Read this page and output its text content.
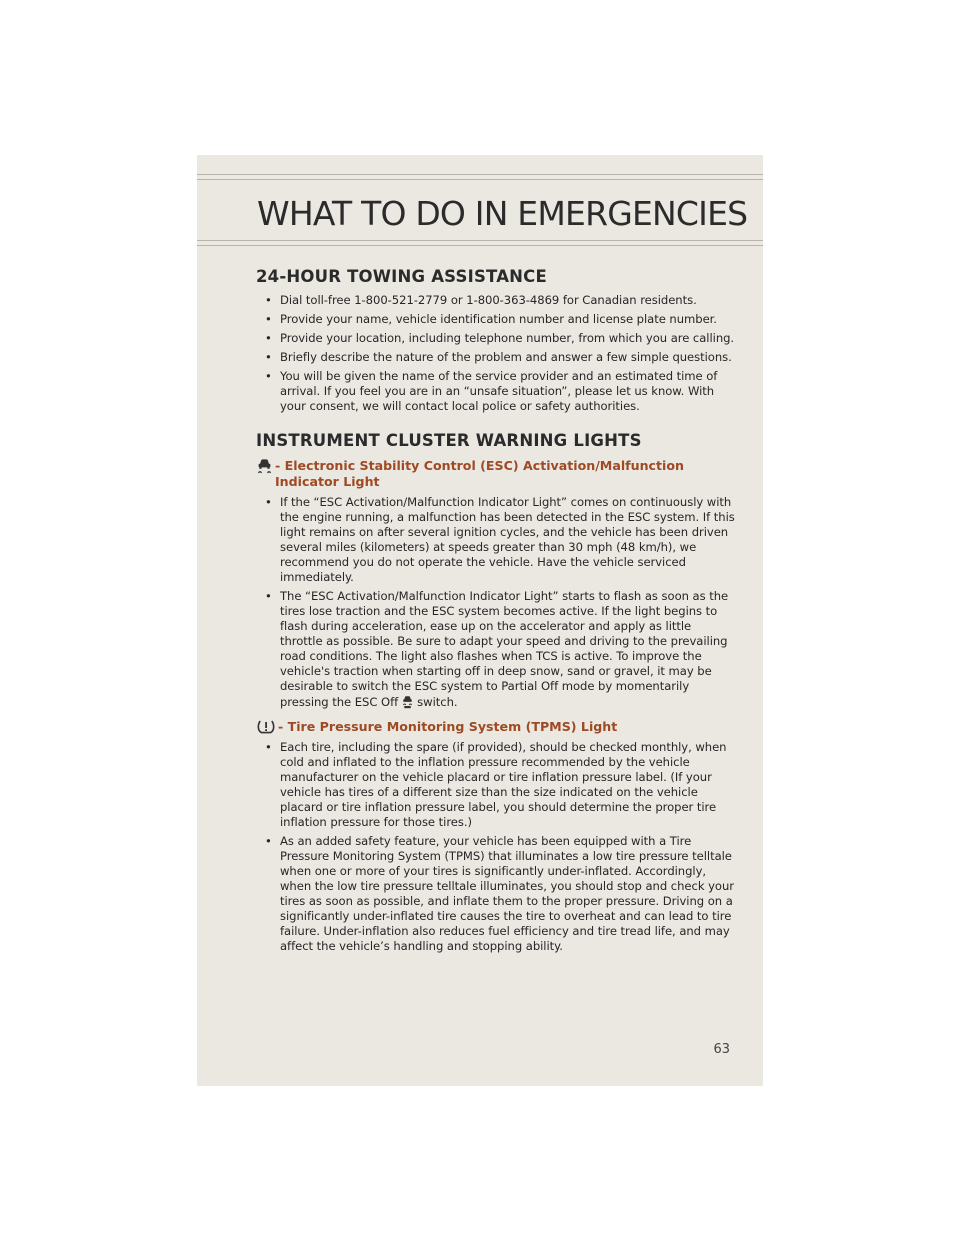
WHAT TO DO IN EMERGENCIES
24-HOUR TOWING ASSISTANCE
• Dial toll-free 1-800-521-2779 or 1-800-363-4869 for Canadian residents.
• Provide your name, vehicle identification number and license plate number.
• Provide your location, including telephone number, from which you are calling.
• Briefly describe the nature of the problem and answer a few simple questions.
• You will be given the name of the service provider and an estimated time of arrival. If you feel you are in an “unsafe situation”, please let us know. With your consent, we will contact local police or safety authorities.
INSTRUMENT CLUSTER WARNING LIGHTS
- Electronic Stability Control (ESC) Activation/Malfunction Indicator Light
• If the “ESC Activation/Malfunction Indicator Light” comes on continuously with the engine running, a malfunction has been detected in the ESC system. If this light remains on after several ignition cycles, and the vehicle has been driven several miles (kilometers) at speeds greater than 30 mph (48 km/h), we recommend you do not operate the vehicle. Have the vehicle serviced immediately.
• The “ESC Activation/Malfunction Indicator Light” starts to flash as soon as the tires lose traction and the ESC system becomes active. If the light begins to flash during acceleration, ease up on the accelerator and apply as little throttle as possible. Be sure to adapt your speed and driving to the prevailing road conditions. The light also flashes when TCS is active. To improve the vehicle's traction when starting off in deep snow, sand or gravel, it may be desirable to switch the ESC system to Partial Off mode by momentarily pressing the ESC Off switch.
- Tire Pressure Monitoring System (TPMS) Light
• Each tire, including the spare (if provided), should be checked monthly, when cold and inflated to the inflation pressure recommended by the vehicle manufacturer on the vehicle placard or tire inflation pressure label. (If your vehicle has tires of a different size than the size indicated on the vehicle placard or tire inflation pressure label, you should determine the proper tire inflation pressure for those tires.)
• As an added safety feature, your vehicle has been equipped with a Tire Pressure Monitoring System (TPMS) that illuminates a low tire pressure telltale when one or more of your tires is significantly under-inflated. Accordingly, when the low tire pressure telltale illuminates, you should stop and check your tires as soon as possible, and inflate them to the proper pressure. Driving on a significantly under-inflated tire causes the tire to overheat and can lead to tire failure. Under-inflation also reduces fuel efficiency and tire tread life, and may affect the vehicle’s handling and stopping ability.
63
